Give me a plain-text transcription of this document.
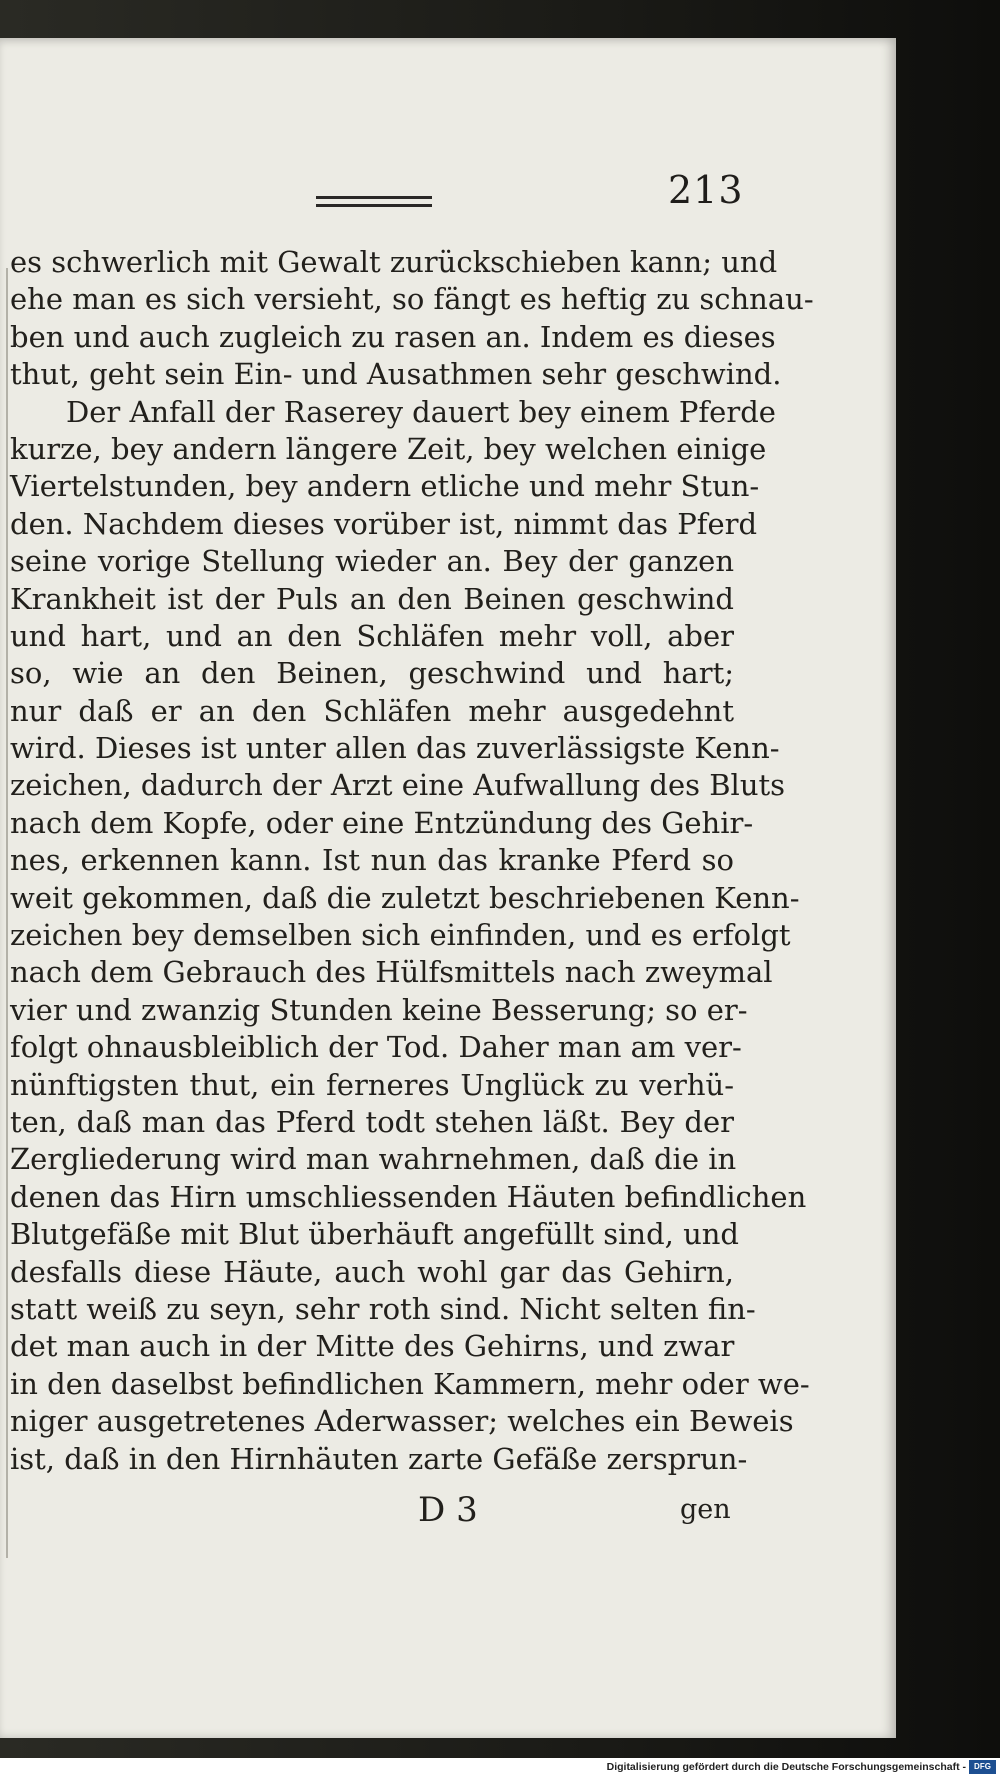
213
es schwerlich mit Gewalt zurückschieben kann; und
ehe man es sich versieht, so fängt es heftig zu schnau-
ben und auch zugleich zu rasen an. Indem es dieses
thut, geht sein Ein- und Ausathmen sehr geschwind.
Der Anfall der Raserey dauert bey einem Pferde
kurze, bey andern längere Zeit, bey welchen einige
Viertelstunden, bey andern etliche und mehr Stun-
den. Nachdem dieses vorüber ist, nimmt das Pferd
seine vorige Stellung wieder an. Bey der ganzen
Krankheit ist der Puls an den Beinen geschwind
und hart, und an den Schläfen mehr voll, aber
so, wie an den Beinen, geschwind und hart;
nur daß er an den Schläfen mehr ausgedehnt
wird. Dieses ist unter allen das zuverlässigste Kenn-
zeichen, dadurch der Arzt eine Aufwallung des Bluts
nach dem Kopfe, oder eine Entzündung des Gehir-
nes, erkennen kann. Ist nun das kranke Pferd so
weit gekommen, daß die zuletzt beschriebenen Kenn-
zeichen bey demselben sich einfinden, und es erfolgt
nach dem Gebrauch des Hülfsmittels nach zweymal
vier und zwanzig Stunden keine Besserung; so er-
folgt ohnausbleiblich der Tod. Daher man am ver-
nünftigsten thut, ein ferneres Unglück zu verhü-
ten, daß man das Pferd todt stehen läßt. Bey der
Zergliederung wird man wahrnehmen, daß die in
denen das Hirn umschliessenden Häuten befindlichen
Blutgefäße mit Blut überhäuft angefüllt sind, und
desfalls diese Häute, auch wohl gar das Gehirn,
statt weiß zu seyn, sehr roth sind. Nicht selten fin-
det man auch in der Mitte des Gehirns, und zwar
in den daselbst befindlichen Kammern, mehr oder we-
niger ausgetretenes Aderwasser; welches ein Beweis
ist, daß in den Hirnhäuten zarte Gefäße zersprun-
D 3	gen
Digitalisierung gefördert durch die Deutsche Forschungsgemeinschaft -	DFG
